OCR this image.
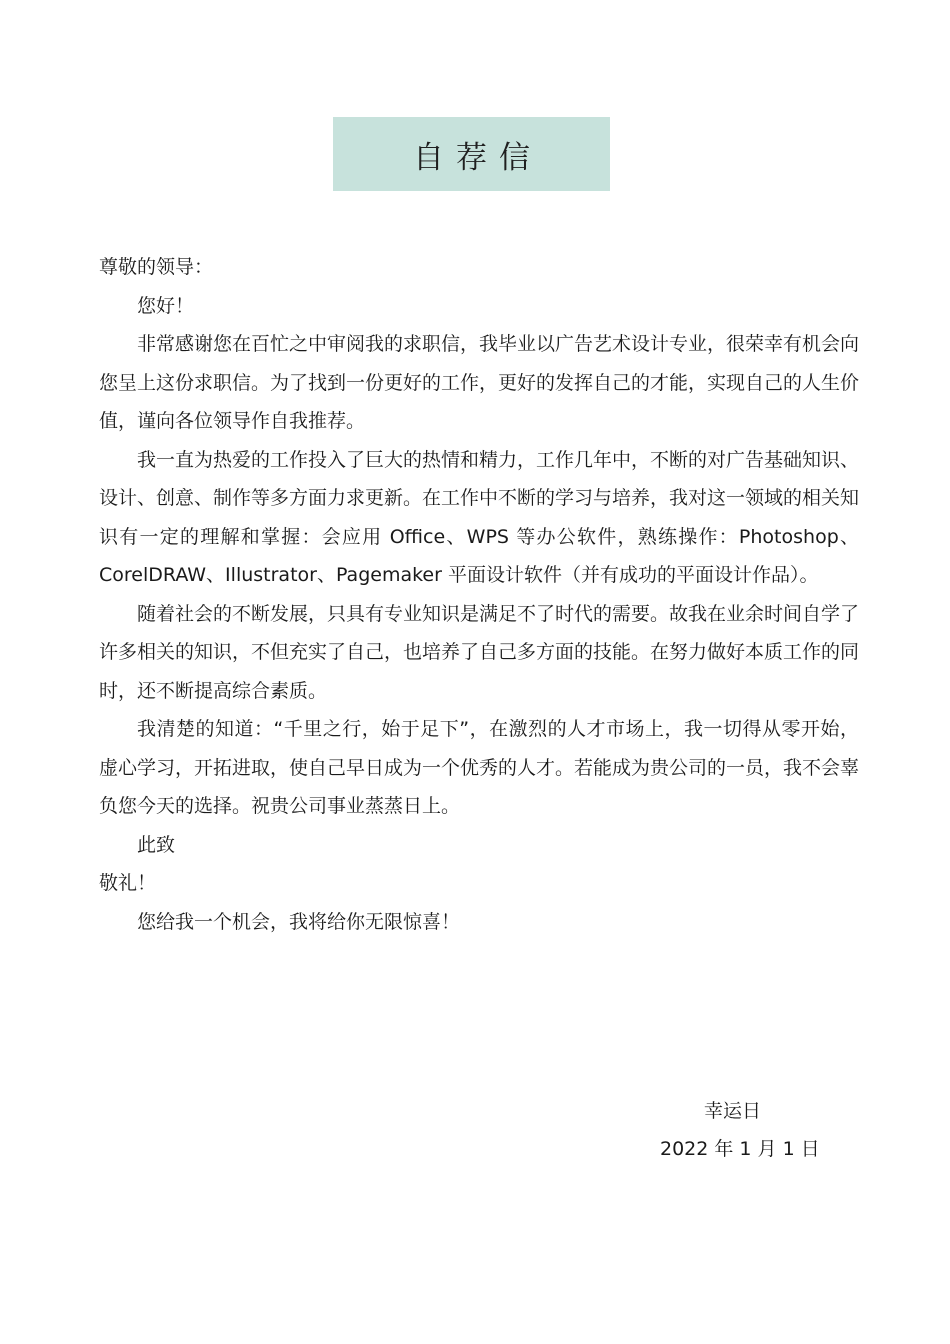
自荐信

尊敬的领导：

您好！

非常感谢您在百忙之中审阅我的求职信，我毕业以广告艺术设计专业，很荣幸有机会向您呈上这份求职信。为了找到一份更好的工作，更好的发挥自己的才能，实现自己的人生价值，谨向各位领导作自我推荐。

我一直为热爱的工作投入了巨大的热情和精力，工作几年中，不断的对广告基础知识、设计、创意、制作等多方面力求更新。在工作中不断的学习与培养，我对这一领域的相关知识有一定的理解和掌握：会应用 Office、WPS 等办公软件，熟练操作：Photoshop、CorelDRAW、Illustrator、Pagemaker 平面设计软件（并有成功的平面设计作品）。

随着社会的不断发展，只具有专业知识是满足不了时代的需要。故我在业余时间自学了许多相关的知识，不但充实了自己，也培养了自己多方面的技能。在努力做好本质工作的同时，还不断提高综合素质。

我清楚的知道：“千里之行，始于足下”，在激烈的人才市场上，我一切得从零开始，虚心学习，开拓进取，使自己早日成为一个优秀的人才。若能成为贵公司的一员，我不会辜负您今天的选择。祝贵公司事业蒸蒸日上。

此致

敬礼！

您给我一个机会，我将给你无限惊喜！

幸运日
2022 年 1 月 1 日
